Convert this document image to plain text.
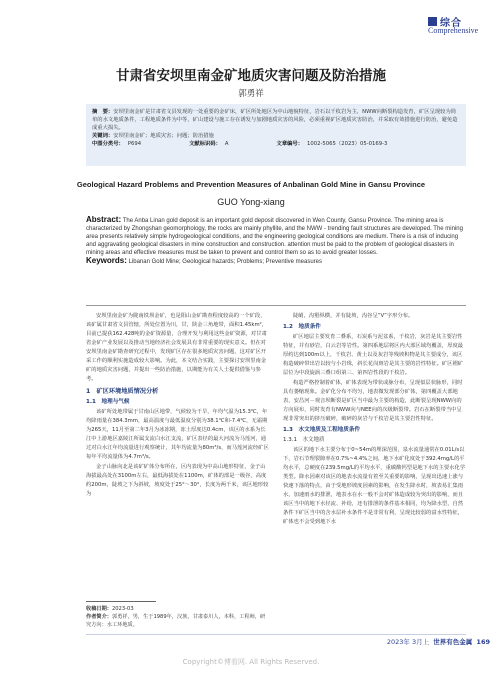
综合
Comprehensive
甘肃省安坝里南金矿地质灾害问题及防治措施
郭勇祥
摘　要：安坝里南金矿是甘肃省文县发现的一处重要的金矿床，矿区所处地区为中山地貌特征，岩石以千枚岩为主，NWW向断裂构造发育，矿区呈现较为简单的水文地质条件，工程地质条件为中等，矿山建设与施工存在诱发与加剧地质灾害的风险，必须重视矿区地质灾害防治，并采取有效措施进行防治，避免造成重大损失。
关键词：安坝里南金矿；地质灾害；问题；防治措施
中图分类号： P694	文献标识码： A	文章编号： 1002-5065（2023）05-0169-3
Geological Hazard Problems and Prevention Measures of Anbalinan Gold Mine in Gansu Province
GUO Yong-xiang
Abstract: The Anba Linan gold deposit is an important gold deposit discovered in Wen County, Gansu Province. The mining area is characterized by Zhongshan geomorphology, the rocks are mainly phyllite, and the NWW - trending fault structures are developed. The mining area presents relatively simple hydrogeological conditions, and the engineering geological conditions are medium. There is a risk of inducing and aggravating geological disasters in mine construction and construction. attention must be paid to the problem of geological disasters in mining areas and effective measures must be taken to prevent and control them so as to avoid greater losses.
Keywords: Libanan Gold Mine; Geological hazards; Problems; Preventive measures

安坝里南金矿为陇南铁坝金矿，也是阳山金矿勘查程度较高的一个矿段，该矿属甘肃省文县管辖，所处位置为川，甘，陕金三角地带，面积1.45km²，目前已提获162.428吨的金矿资源量，合理开发与利用这些金矿资源，对甘肃省金矿产业发展以及推动当地经济社会发展具有非常重要的现实意义。但在对安坝里南金矿勘查研究过程中，发现矿区存在很多地质灾害问题，这对矿区开采工作的顺利实施造成较大影响。为此，本文结合实践，主要探讨安坝里南金矿的地质灾害问题，并提出一些防治措施，以期能为有关人士提供借鉴与参考。

1　矿区环境地质情况分析
1.1　地理与气候

该矿所处地带属于甘南山区地带，气候较为干旱，年均气温为15.3℃，年均降雨量在384.3mm，最高温度与最低温度分别为38.1℃和-7.4℃，无霜期为265天，11月至第二年3月为冰冻期，冻土厚度达0.4cm，该区的水系为长江中上游地区嘉陵江所属支流白水江支流，矿区表径的最大河流为马莲河，通过对白水江年均流量进行观察统计，其年均流量为80m³/s，而马莲河流经矿区每年平均流量体为4.7m³/s。

金子山脉向北是该矿矿体分布所在，区内表现为中高山地形特征，金子山海拔最高处在3100m左右，最低海拔处在1100m，矿体的部是一级谷，高度约200m，陡坡之下为斜坡，坡度处于25°～30°，长度为两千米，该区地形较为

陡峭，沟壑纵横，并有陡坡，沟谷呈“V”字形分布。

1.2　地质条件

矿区地层主要发育二叠系，石炭系与泥盆系，千枚岩，灰岩是其主要岩性特征，并有砂岩，白云岩等岩性。第四系地层将区内大部区域均覆盖，厚度最厚约达到100m以上，千枚岩、黄土以及灰岩等残坡积物是其主要成分，该区构造破碎带出岩以较与小岩珠，斜长花岗斑岩是其主要的岩性特征。矿区褶矿层位为中段旋涡三叠口组第三、第四岩性段的千枚岩。

构造严格控制着矿体，矿体表现为带状或脉分布，呈现似层状脉形，同时具有萎缩现象。金矿化分布不均匀，地表微发现部分矿体，第四覆盖大部地表，安昌河－观音坝断裂是矿区当中最为主要的构造，此断裂呈现NWW向的方向展布，同时发育有NWW向与NEE向的次级断裂带。岩石在断裂带当中呈现非常突出的挤压破碎，破碎的灰岩与千枚岩是其主要岩性特征。

1.3　水文地质及工程地质条件
1.3.1　水文地质

该区的地下水主要分布于0~54m的埋深范围，泉水流量通常在0.01L/s以下，岩石节理裂隙率在0.7%~4.4%之间，地下水矿化度处于392.4mg/L的平均水平，总硬度在239.5mg/L的平均水平，重碳酸钙型是地下水的主要水化学类型。降水因素对该区的地表水流量有着至关重要的影响，呈现出迅速上涨与快速下落的特点，由于受地形坡度因素的影响，在发生降水时，坡表易汇集雨水，加速雨水的排泄，地表水在水一般不会对矿体造成较为突出的影响，而且该区当中的地下水径流、补给，还有排泄的条件基本相同，均为降水型，自然条件下矿区当中的含水层补水条件不是非常有利，呈现比较弱的富水性特征，矿体也不会受到地下水

收稿日期：2023-03
作者简介：郭勇祥，男，生于1989年，汉族，甘肃泰川人，本科，工程师，研究方向：水工环地质。
2023年 3月上 世界有色金属 169
Copyright©博看网. All Rights Reserved.
